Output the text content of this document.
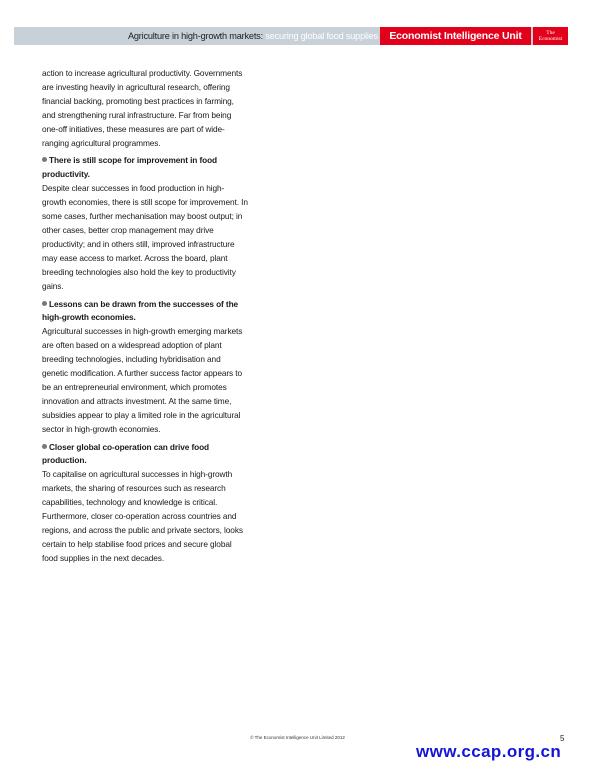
Agriculture in high-growth markets: securing global food supplies	Economist Intelligence Unit	The
Economist

action to increase agricultural productivity. Governments are investing heavily in agricultural research, offering financial backing, promoting best practices in farming, and strengthening rural infrastructure. Far from being one-off initiatives, these measures are part of wide-ranging agricultural programmes.

There is still scope for improvement in food productivity.

Despite clear successes in food production in high-growth economies, there is still scope for improvement. In some cases, further mechanisation may boost output; in other cases, better crop management may drive productivity; and in others still, improved infrastructure may ease access to market. Across the board, plant breeding technologies also hold the key to productivity gains.

Lessons can be drawn from the successes of the high-growth economies.

Agricultural successes in high-growth emerging markets are often based on a widespread adoption of plant breeding technologies, including hybridisation and genetic modification. A further success factor appears to be an entrepreneurial environment, which promotes innovation and attracts investment. At the same time, subsidies appear to play a limited role in the agricultural sector in high-growth economies.

Closer global co-operation can drive food production.

To capitalise on agricultural successes in high-growth markets, the sharing of resources such as research capabilities, technology and knowledge is critical. Furthermore, closer co-operation across countries and regions, and across the public and private sectors, looks certain to help stabilise food prices and secure global food supplies in the next decades.

© The Economist Intelligence Unit Limited 2012	5
www.ccap.org.cn
